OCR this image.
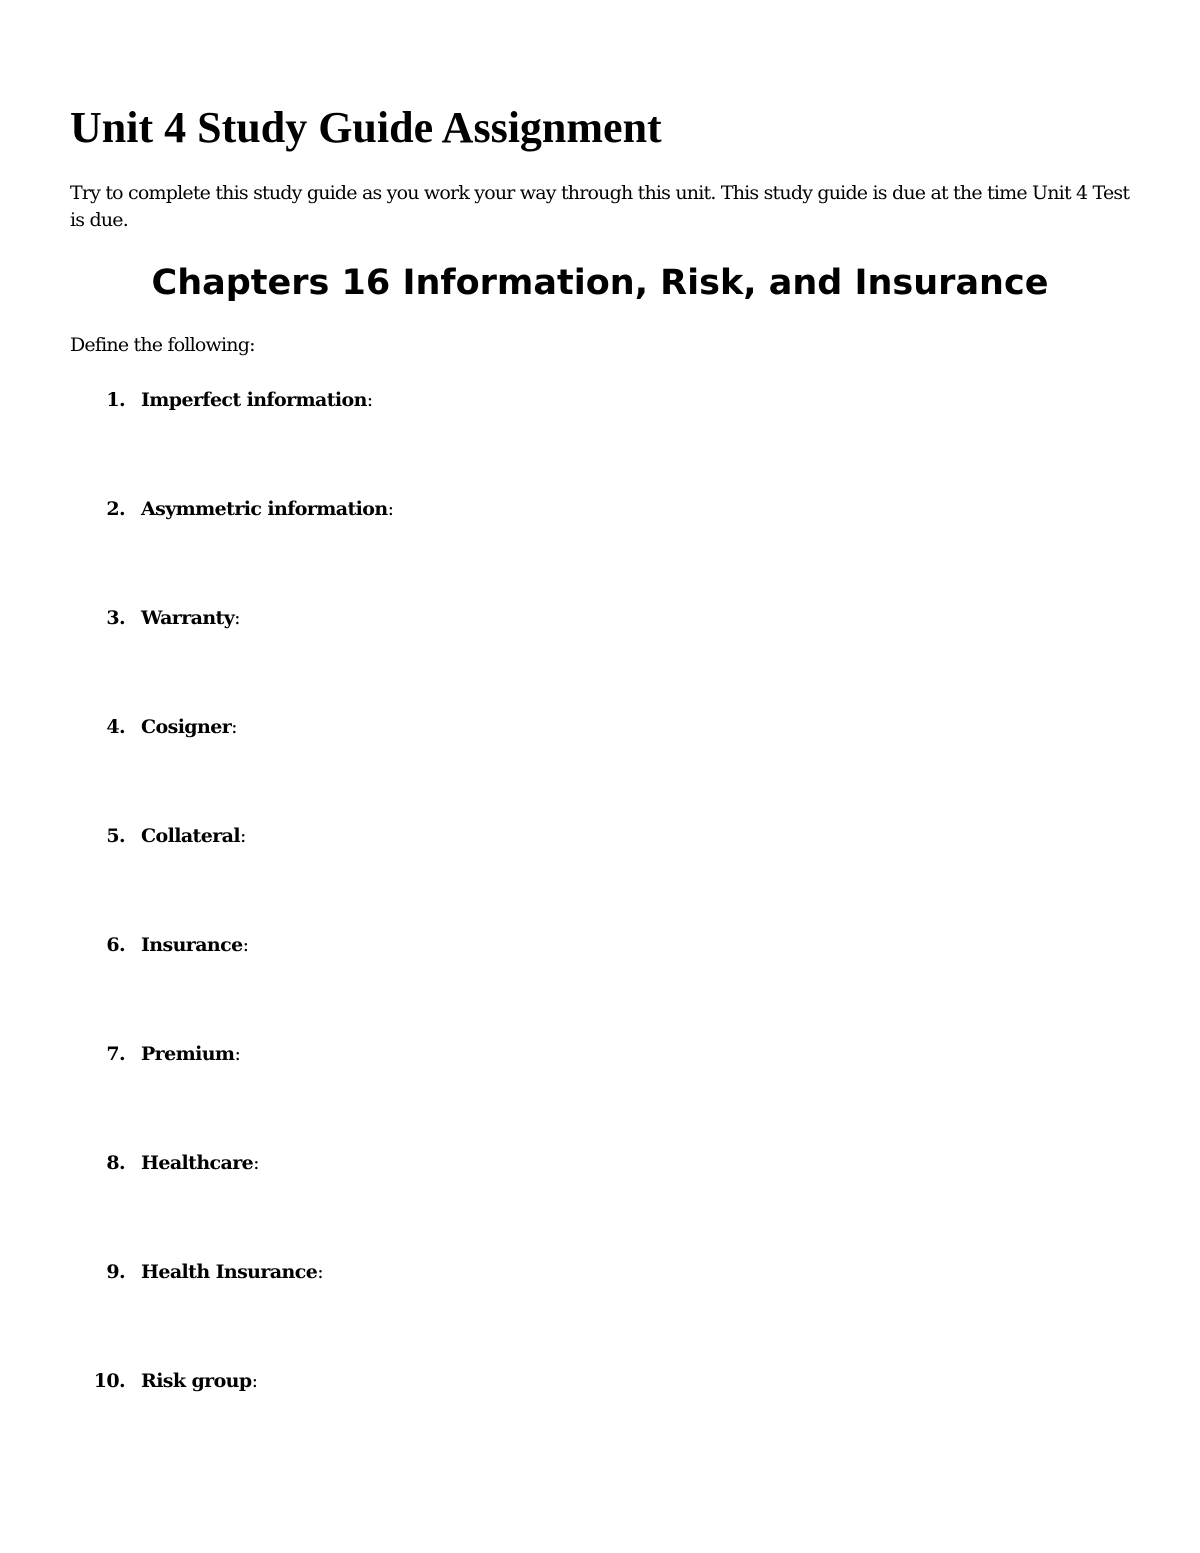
Unit 4 Study Guide Assignment

Try to complete this study guide as you work your way through this unit. This study guide is due at the time Unit 4 Test is due.

Chapters 16 Information, Risk, and Insurance

Define the following:

1. Imperfect information:
2. Asymmetric information:
3. Warranty:
4. Cosigner:
5. Collateral:
6. Insurance:
7. Premium:
8. Healthcare:
9. Health Insurance:
10. Risk group:
